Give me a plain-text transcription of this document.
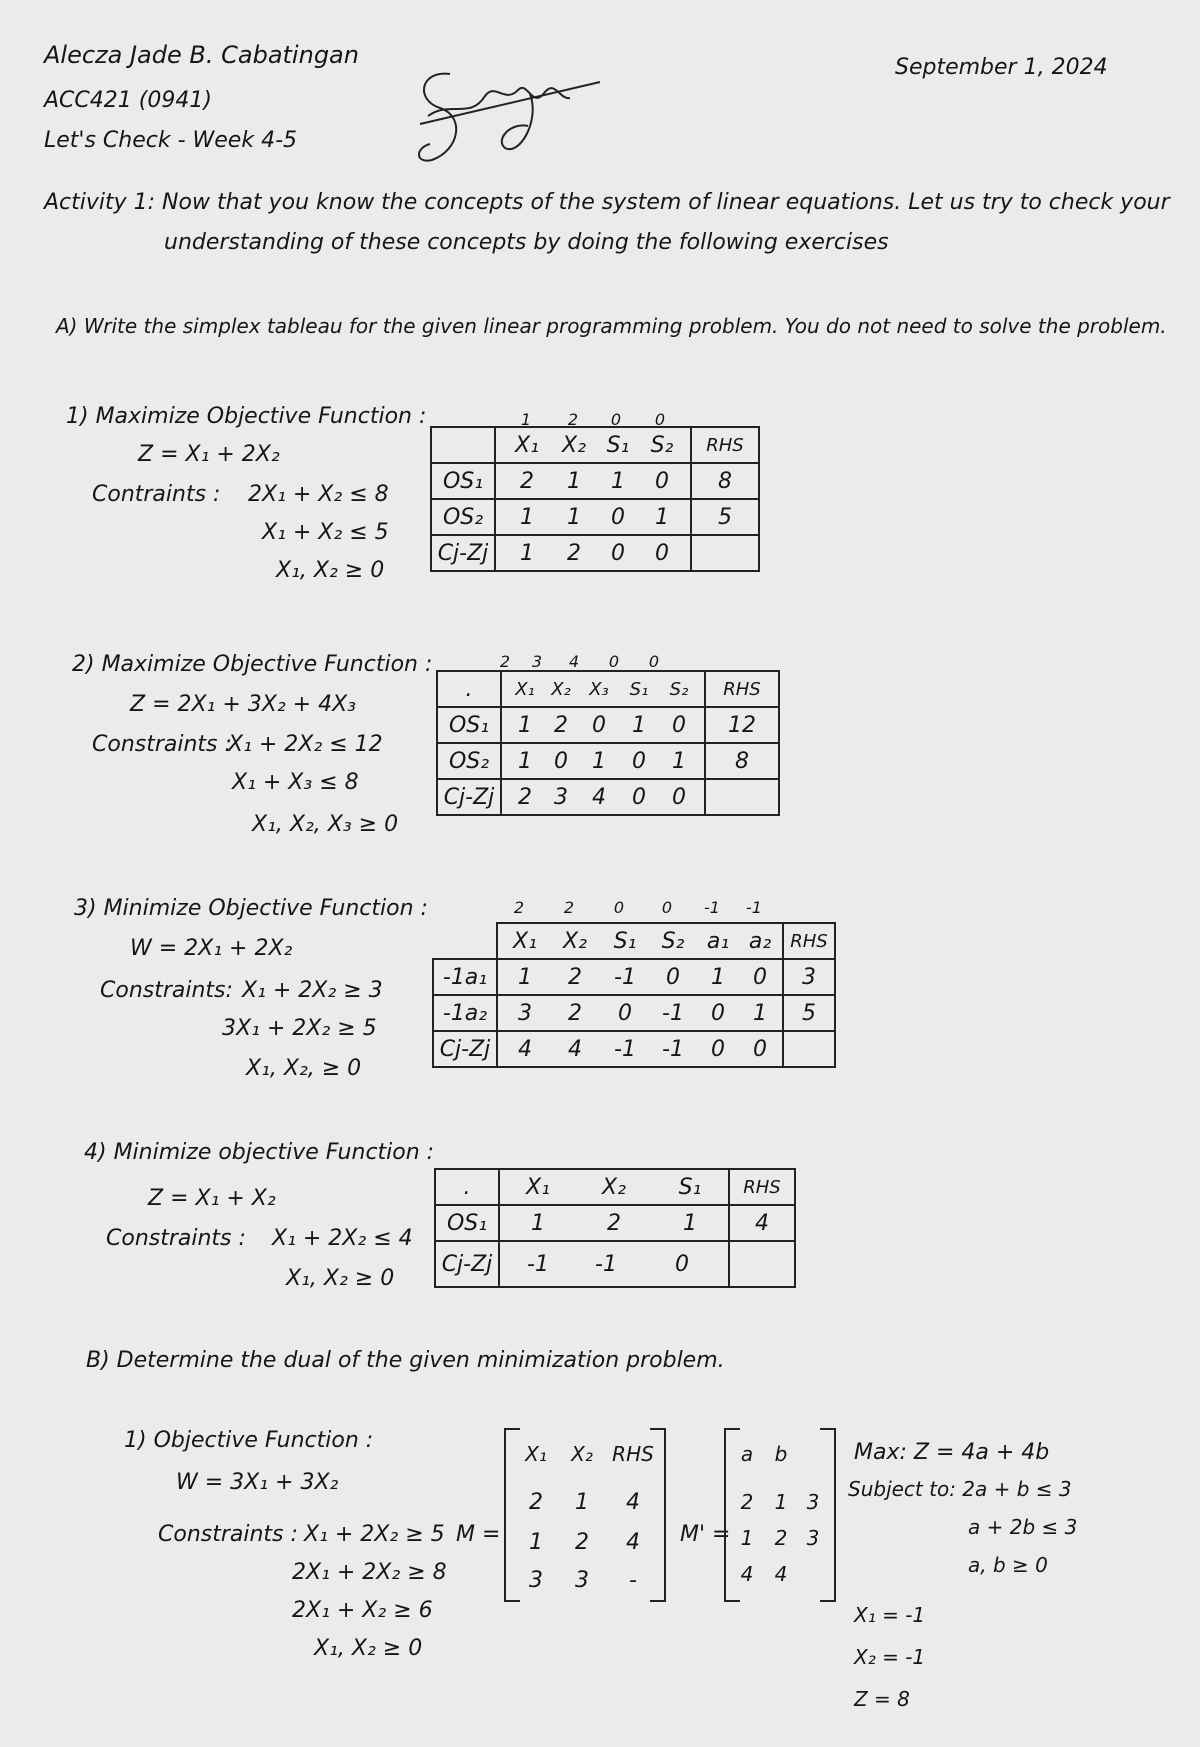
Alecza Jade B. Cabatingan
ACC421 (0941)
Let's Check - Week 4-5
September 1, 2024
Activity 1: Now that you know the concepts of the system of linear equations. Let us try to check your
understanding of these concepts by doing the following exercises
A) Write the simplex tableau for the given linear programming problem. You do not need to solve the problem.
1) Maximize Objective Function :
Z = X₁ + 2X₂
Contraints : 2X₁ + X₂ ≤ 8
X₁ + X₂ ≤ 5
X₁, X₂ ≥ 0
1	2	0	0
	X₁ X₂ S₁ S₂	RHS
OS₁	2 1 1 0	8
OS₂	1 1 0 1	5
Cj-Zj	1 2 0 0	
2) Maximize Objective Function :
Z = 2X₁ + 3X₂ + 4X₃
Constraints :
X₁ + 2X₂ ≤ 12
X₁ + X₃ ≤ 8
X₁, X₂, X₃ ≥ 0
2	3	4	0	0
.	X₁ X₂ X₃ S₁ S₂	RHS
OS₁	1 2 0 1 0	12
OS₂	1 0 1 0 1	8
Cj-Zj	2 3 4 0 0	
3) Minimize Objective Function :
W = 2X₁ + 2X₂
Constraints: X₁ + 2X₂ ≥ 3
3X₁ + 2X₂ ≥ 5
X₁, X₂, ≥ 0
2	2	0	0	-1	-1
	X₁ X₂ S₁ S₂ a₁ a₂	RHS
-1a₁	1 2 -1 0 1 0	3
-1a₂	3 2 0 -1 0 1	5
Cj-Zj	4 4 -1 -1 0 0	
4) Minimize objective Function :
Z = X₁ + X₂
Constraints : X₁ + 2X₂ ≤ 4
X₁, X₂ ≥ 0
.	X₁ X₂ S₁	RHS
OS₁	1 2 1	4
Cj-Zj	-1 -1 0	
B) Determine the dual of the given minimization problem.
1) Objective Function :
W = 3X₁ + 3X₂
Constraints : X₁ + 2X₂ ≥ 5
2X₁ + 2X₂ ≥ 8
2X₁ + X₂ ≥ 6
X₁, X₂ ≥ 0
M =
X₁	X₂ RHS
2	1	4
1	2	4
3	3	-
M' =
a	b
2	1 3
1	2 3
4	4
Max: Z = 4a + 4b
Subject to: 2a + b ≤ 3
a + 2b ≤ 3
a, b ≥ 0
X₁ = -1
X₂ = -1
Z = 8
